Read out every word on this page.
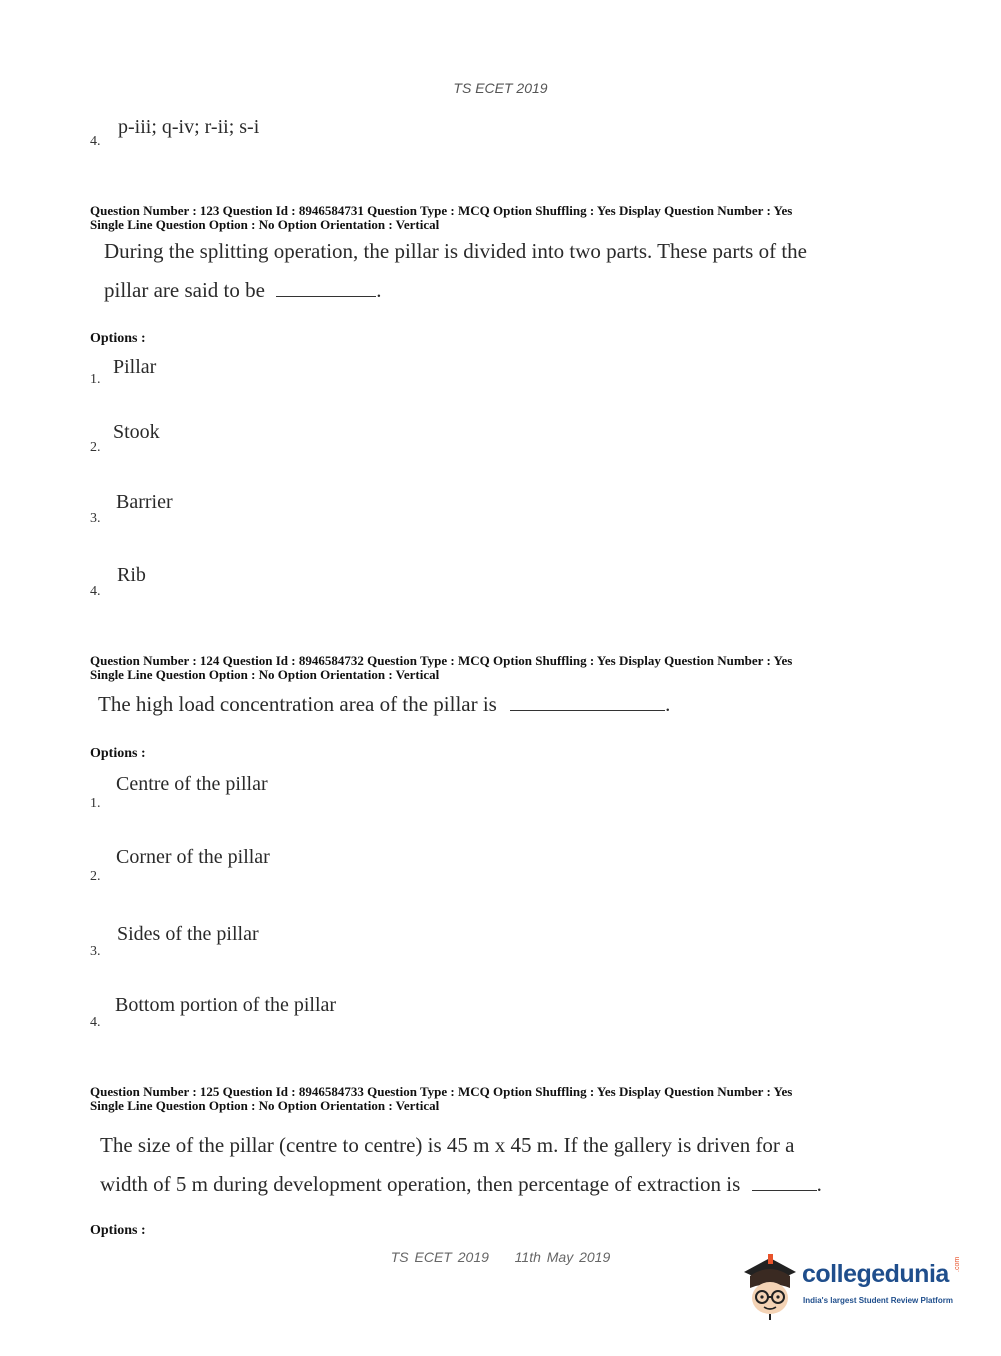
TS ECET 2019
4.
p-iii; q-iv; r-ii; s-i
Question Number : 123 Question Id : 8946584731 Question Type : MCQ Option Shuffling : Yes Display Question Number : Yes
Single Line Question Option : No Option Orientation : Vertical
During the splitting operation, the pillar is divided into two parts. These parts of the
pillar are said to be	.
Options :
1.
Pillar
2.
Stook
3.
Barrier
4.
Rib
Question Number : 124 Question Id : 8946584732 Question Type : MCQ Option Shuffling : Yes Display Question Number : Yes
Single Line Question Option : No Option Orientation : Vertical
The high load concentration area of the pillar is	.
Options :
1.
Centre of the pillar
2.
Corner of the pillar
3.
Sides of the pillar
4.
Bottom portion of the pillar
Question Number : 125 Question Id : 8946584733 Question Type : MCQ Option Shuffling : Yes Display Question Number : Yes
Single Line Question Option : No Option Orientation : Vertical
The size of the pillar (centre to centre) is 45 m x 45 m. If the gallery is driven for a
width of 5 m during development operation, then percentage of extraction is	.
Options :
TS ECET 2019 11th May 2019
collegedunia .com
India's largest Student Review Platform
